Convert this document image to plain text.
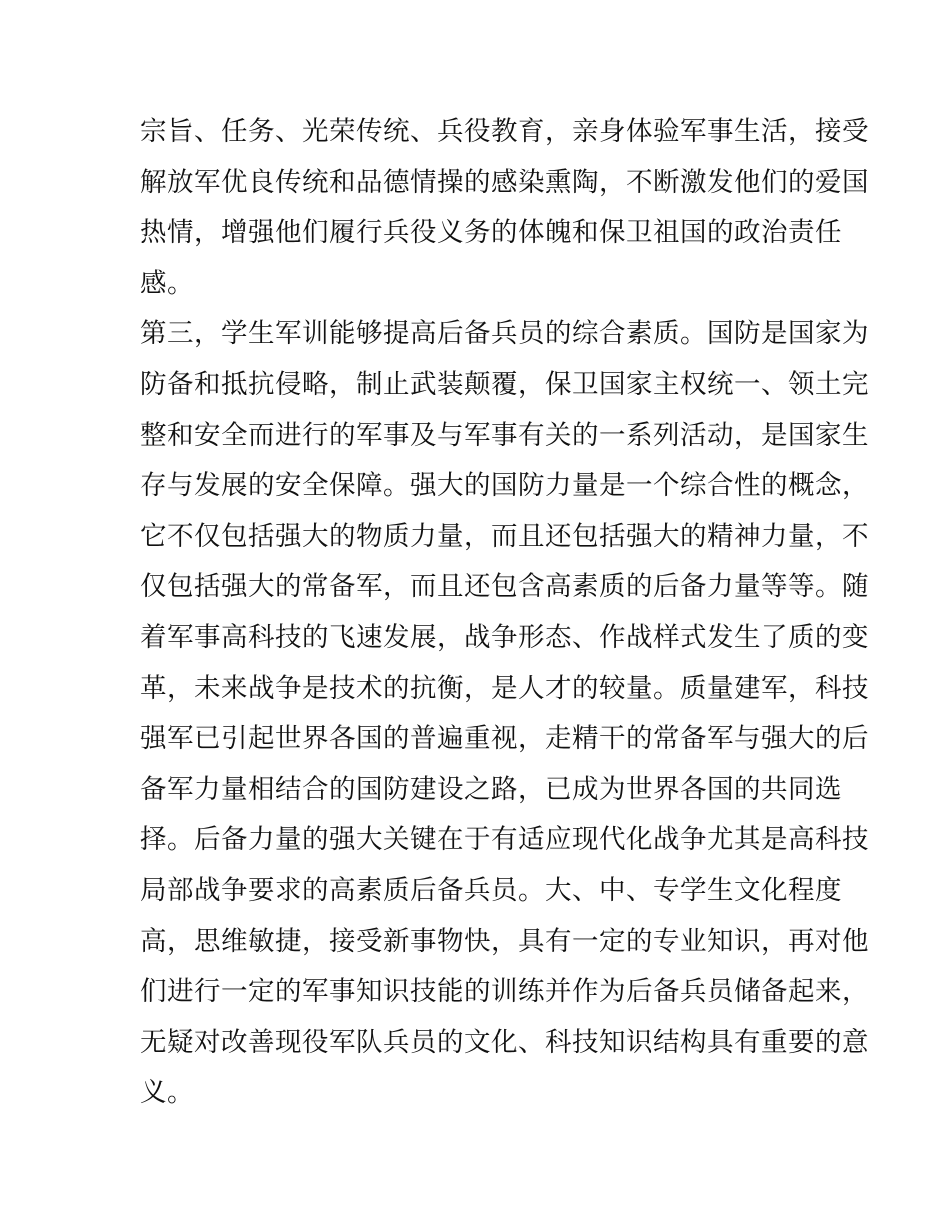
宗旨、任务、光荣传统、兵役教育，亲身体验军事生活，接受
解放军优良传统和品德情操的感染熏陶，不断激发他们的爱国
热情，增强他们履行兵役义务的体魄和保卫祖国的政治责任
感。
第三，学生军训能够提高后备兵员的综合素质。国防是国家为
防备和抵抗侵略，制止武装颠覆，保卫国家主权统一、领土完
整和安全而进行的军事及与军事有关的一系列活动，是国家生
存与发展的安全保障。强大的国防力量是一个综合性的概念，
它不仅包括强大的物质力量，而且还包括强大的精神力量，不
仅包括强大的常备军，而且还包含高素质的后备力量等等。随
着军事高科技的飞速发展，战争形态、作战样式发生了质的变
革，未来战争是技术的抗衡，是人才的较量。质量建军，科技
强军已引起世界各国的普遍重视，走精干的常备军与强大的后
备军力量相结合的国防建设之路，已成为世界各国的共同选
择。后备力量的强大关键在于有适应现代化战争尤其是高科技
局部战争要求的高素质后备兵员。大、中、专学生文化程度
高，思维敏捷，接受新事物快，具有一定的专业知识，再对他
们进行一定的军事知识技能的训练并作为后备兵员储备起来，
无疑对改善现役军队兵员的文化、科技知识结构具有重要的意
义。
